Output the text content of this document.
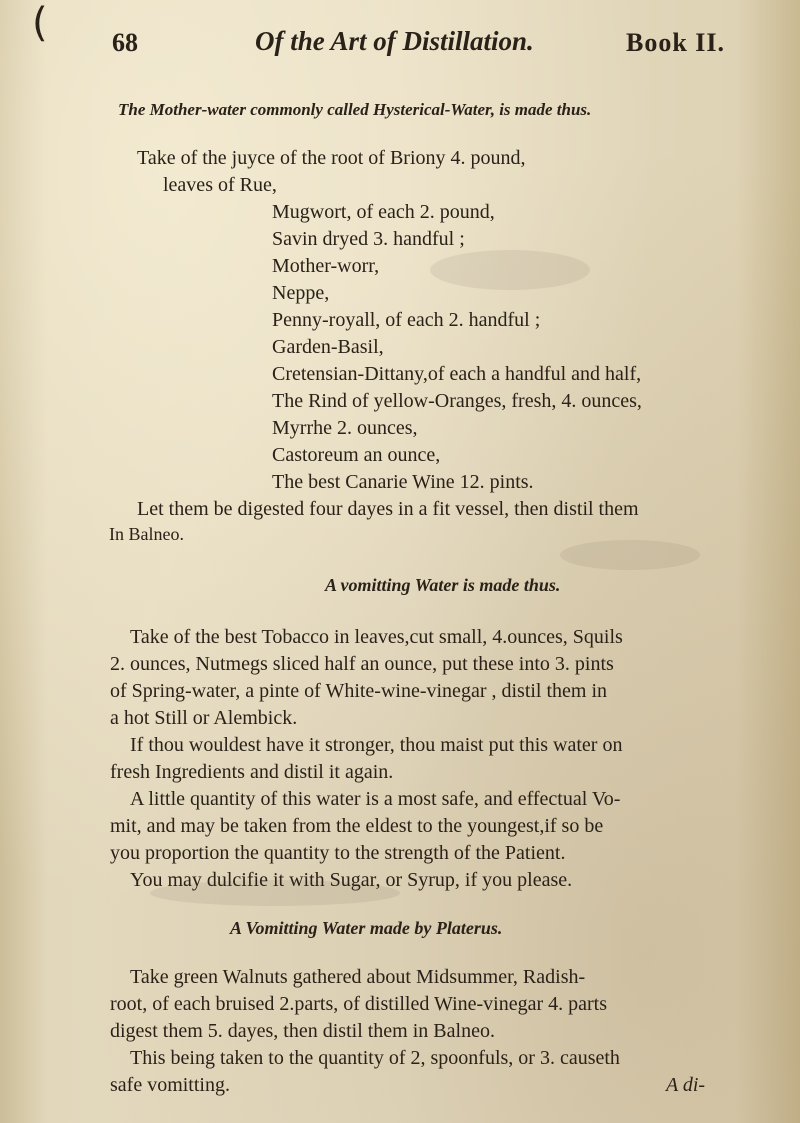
( 68	Of the Art of Distillation.	Book II.
The Mother-water commonly called Hysterical-Water, is made thus.
Take of the juyce of the root of Briony 4. pound,
leaves of Rue,
Mugwort, of each 2. pound,
Savin dryed 3. handful ;
Mother-worr,
Neppe,
Penny-royall, of each 2. handful ;
Garden-Basil,
Cretensian-Dittany,of each a handful and half,
The Rind of yellow-Oranges, fresh, 4. ounces,
Myrrhe 2. ounces,
Castoreum an ounce,
The best Canarie Wine 12. pints.
Let them be digested four dayes in a fit vessel, then distil them
In Balneo.
A vomitting Water is made thus.
Take of the best Tobacco in leaves,cut small, 4.ounces, Squils
2. ounces, Nutmegs sliced half an ounce, put these into 3. pints
of Spring-water, a pinte of White-wine-vinegar , distil them in
a hot Still or Alembick.
If thou wouldest have it stronger, thou maist put this water on
fresh Ingredients and distil it again.
A little quantity of this water is a most safe, and effectual Vo-
mit, and may be taken from the eldest to the youngest,if so be
you proportion the quantity to the strength of the Patient.
You may dulcifie it with Sugar, or Syrup, if you please.
A Vomitting Water made by Platerus.
Take green Walnuts gathered about Midsummer, Radish-
root, of each bruised 2.parts, of distilled Wine-vinegar 4. parts
digest them 5. dayes, then distil them in Balneo.
This being taken to the quantity of 2, spoonfuls, or 3. causeth
safe vomitting.	A di-
